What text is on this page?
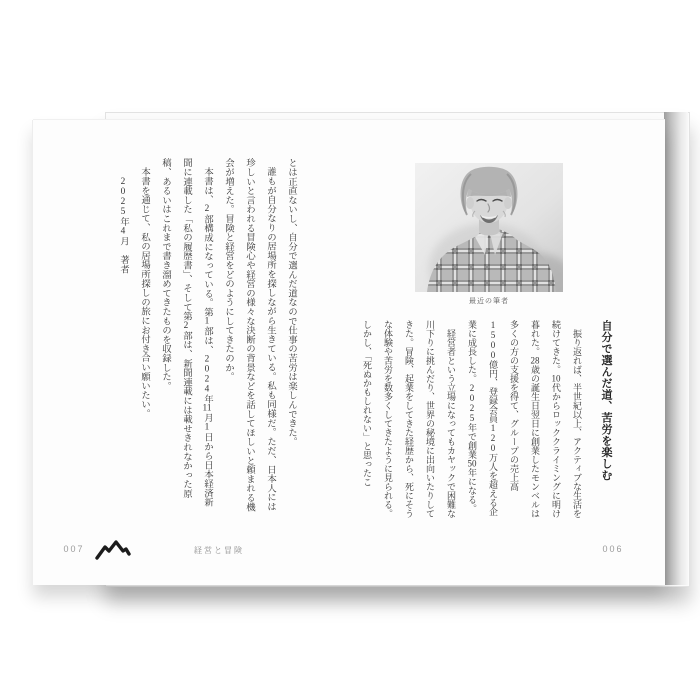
最近の筆者
自分で選んだ道、苦労を楽しむ

振り返れば、半世紀以上、アクティブな生活を続けてきた。10代からロッククライミングに明け暮れた。28歳の誕生日翌日に創業したモンベルは多くの方の支援を得て、グループの売上高1500億円、登録会員120万人を超える企業に成長した。2025年で創業50年になる。

経営者という立場になってもカヤックで困難な川下りに挑んだり、世界の秘境に出向いたりしてきた。冒険、起業をしてきた経歴から、死にそうな体験や苦労を数多くしてきたように見られる。しかし、「死ぬかもしれない」と思ったこ

とは正直ないし、自分で選んだ道なので仕事の苦労は楽しんできた。

誰もが自分なりの居場所を探しながら生きている。私も同様だ。ただ、日本人には珍しいと言われる冒険心や経営の様々な決断の背景などを話してほしいと頼まれる機会が増えた。冒険と経営をどのようにしてきたのか。

本書は、2部構成になっている。第1部は、2024年11月1日から日本経済新聞に連載した「私の履歴書」、そして第2部は、新聞連載には載せきれなかった原稿、あるいはこれまで書き溜めてきたものを収録した。

本書を通じて、私の居場所探しの旅にお付き合い願いたい。

2025年4月　著者

007	経営と冒険	006
